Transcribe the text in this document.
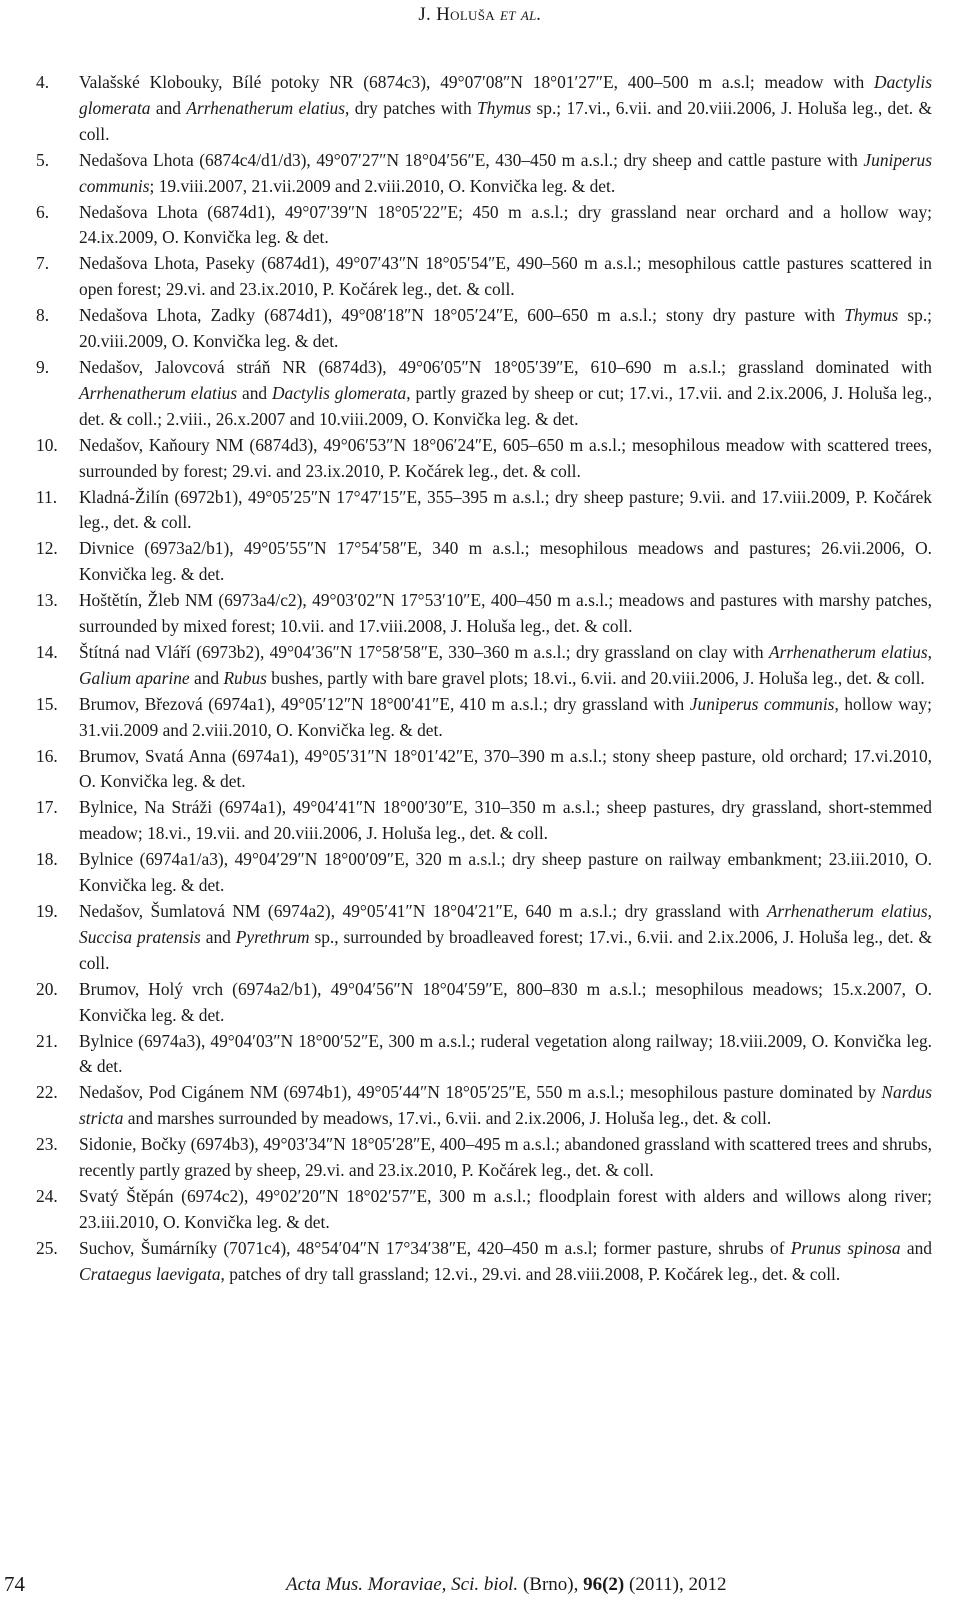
J. Holuša et al.
4.	Valašské Klobouky, Bílé potoky NR (6874c3), 49°07′08″N 18°01′27″E, 400–500 m a.s.l; meadow with Dactylis glomerata and Arrhenatherum elatius, dry patches with Thymus sp.; 17.vi., 6.vii. and 20.viii.2006, J. Holuša leg., det. & coll.
5.	Nedašova Lhota (6874c4/d1/d3), 49°07′27″N 18°04′56″E, 430–450 m a.s.l.; dry sheep and cattle pasture with Juniperus communis; 19.viii.2007, 21.vii.2009 and 2.viii.2010, O. Konvička leg. & det.
6.	Nedašova Lhota (6874d1), 49°07′39″N 18°05′22″E; 450 m a.s.l.; dry grassland near orchard and a hollow way; 24.ix.2009, O. Konvička leg. & det.
7.	Nedašova Lhota, Paseky (6874d1), 49°07′43″N 18°05′54″E, 490–560 m a.s.l.; mesophilous cattle pastures scattered in open forest; 29.vi. and 23.ix.2010, P. Kočárek leg., det. & coll.
8.	Nedašova Lhota, Zadky (6874d1), 49°08′18″N 18°05′24″E, 600–650 m a.s.l.; stony dry pasture with Thymus sp.; 20.viii.2009, O. Konvička leg. & det.
9.	Nedašov, Jalovcová stráň NR (6874d3), 49°06′05″N 18°05′39″E, 610–690 m a.s.l.; grassland dominated with Arrhenatherum elatius and Dactylis glomerata, partly grazed by sheep or cut; 17.vi., 17.vii. and 2.ix.2006, J. Holuša leg., det. & coll.; 2.viii., 26.x.2007 and 10.viii.2009, O. Konvička leg. & det.
10.	Nedašov, Kaňoury NM (6874d3), 49°06′53″N 18°06′24″E, 605–650 m a.s.l.; mesophilous meadow with scattered trees, surrounded by forest; 29.vi. and 23.ix.2010, P. Kočárek leg., det. & coll.
11.	Kladná-Žilín (6972b1), 49°05′25″N 17°47′15″E, 355–395 m a.s.l.; dry sheep pasture; 9.vii. and 17.viii.2009, P. Kočárek leg., det. & coll.
12.	Divnice (6973a2/b1), 49°05′55″N 17°54′58″E, 340 m a.s.l.; mesophilous meadows and pastures; 26.vii.2006, O. Konvička leg. & det.
13.	Hoštětín, Žleb NM (6973a4/c2), 49°03′02″N 17°53′10″E, 400–450 m a.s.l.; meadows and pastures with marshy patches, surrounded by mixed forest; 10.vii. and 17.viii.2008, J. Holuša leg., det. & coll.
14.	Štítná nad Vláří (6973b2), 49°04′36″N 17°58′58″E, 330–360 m a.s.l.; dry grassland on clay with Arrhenatherum elatius, Galium aparine and Rubus bushes, partly with bare gravel plots; 18.vi., 6.vii. and 20.viii.2006, J. Holuša leg., det. & coll.
15.	Brumov, Březová (6974a1), 49°05′12″N 18°00′41″E, 410 m a.s.l.; dry grassland with Juniperus communis, hollow way; 31.vii.2009 and 2.viii.2010, O. Konvička leg. & det.
16.	Brumov, Svatá Anna (6974a1), 49°05′31″N 18°01′42″E, 370–390 m a.s.l.; stony sheep pasture, old orchard; 17.vi.2010, O. Konvička leg. & det.
17.	Bylnice, Na Stráži (6974a1), 49°04′41″N 18°00′30″E, 310–350 m a.s.l.; sheep pastures, dry grassland, short-stemmed meadow; 18.vi., 19.vii. and 20.viii.2006, J. Holuša leg., det. & coll.
18.	Bylnice (6974a1/a3), 49°04′29″N 18°00′09″E, 320 m a.s.l.; dry sheep pasture on railway embankment; 23.iii.2010, O. Konvička leg. & det.
19.	Nedašov, Šumlatová NM (6974a2), 49°05′41″N 18°04′21″E, 640 m a.s.l.; dry grassland with Arrhenatherum elatius, Succisa pratensis and Pyrethrum sp., surrounded by broadleaved forest; 17.vi., 6.vii. and 2.ix.2006, J. Holuša leg., det. & coll.
20.	Brumov, Holý vrch (6974a2/b1), 49°04′56″N 18°04′59″E, 800–830 m a.s.l.; mesophilous meadows; 15.x.2007, O. Konvička leg. & det.
21.	Bylnice (6974a3), 49°04′03″N 18°00′52″E, 300 m a.s.l.; ruderal vegetation along railway; 18.viii.2009, O. Konvička leg. & det.
22.	Nedašov, Pod Cigánem NM (6974b1), 49°05′44″N 18°05′25″E, 550 m a.s.l.; mesophilous pasture dominated by Nardus stricta and marshes surrounded by meadows, 17.vi., 6.vii. and 2.ix.2006, J. Holuša leg., det. & coll.
23.	Sidonie, Bočky (6974b3), 49°03′34″N 18°05′28″E, 400–495 m a.s.l.; abandoned grassland with scattered trees and shrubs, recently partly grazed by sheep, 29.vi. and 23.ix.2010, P. Kočárek leg., det. & coll.
24.	Svatý Štěpán (6974c2), 49°02′20″N 18°02′57″E, 300 m a.s.l.; floodplain forest with alders and willows along river; 23.iii.2010, O. Konvička leg. & det.
25.	Suchov, Šumárníky (7071c4), 48°54′04″N 17°34′38″E, 420–450 m a.s.l; former pasture, shrubs of Prunus spinosa and Crataegus laevigata, patches of dry tall grassland; 12.vi., 29.vi. and 28.viii.2008, P. Kočárek leg., det. & coll.
74	Acta Mus. Moraviae, Sci. biol. (Brno), 96(2) (2011), 2012
